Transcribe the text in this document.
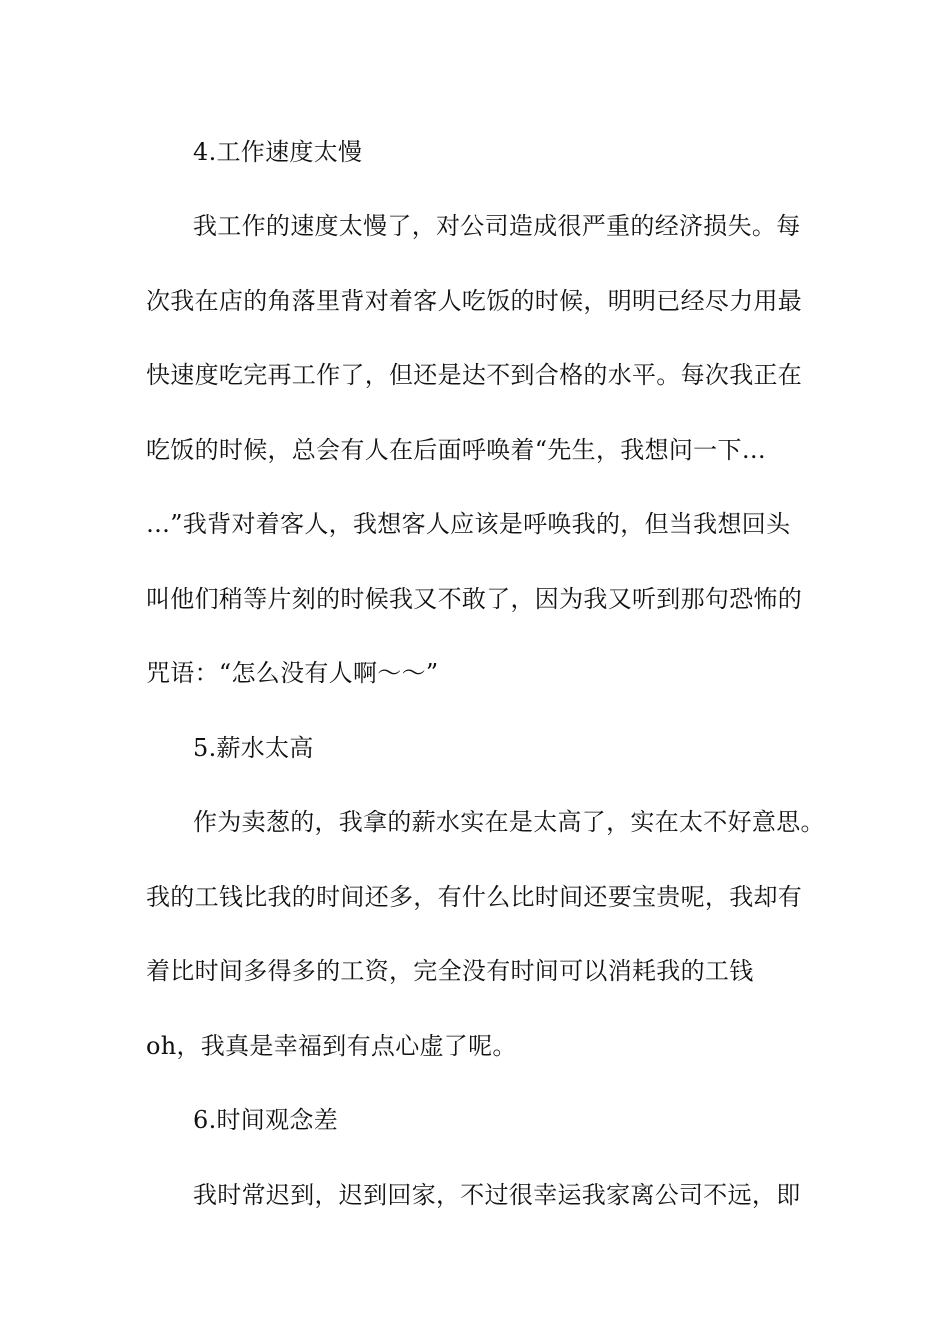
4.工作速度太慢
我工作的速度太慢了，对公司造成很严重的经济损失。每
次我在店的角落里背对着客人吃饭的时候，明明已经尽力用最
快速度吃完再工作了，但还是达不到合格的水平。每次我正在
吃饭的时候，总会有人在后面呼唤着“先生，我想问一下…
…”我背对着客人，我想客人应该是呼唤我的，但当我想回头
叫他们稍等片刻的时候我又不敢了，因为我又听到那句恐怖的
咒语：“怎么没有人啊～～”
5.薪水太高
作为卖葱的，我拿的薪水实在是太高了，实在太不好意思。
我的工钱比我的时间还多，有什么比时间还要宝贵呢，我却有
着比时间多得多的工资，完全没有时间可以消耗我的工钱
oh，我真是幸福到有点心虚了呢。
6.时间观念差
我时常迟到，迟到回家，不过很幸运我家离公司不远，即
